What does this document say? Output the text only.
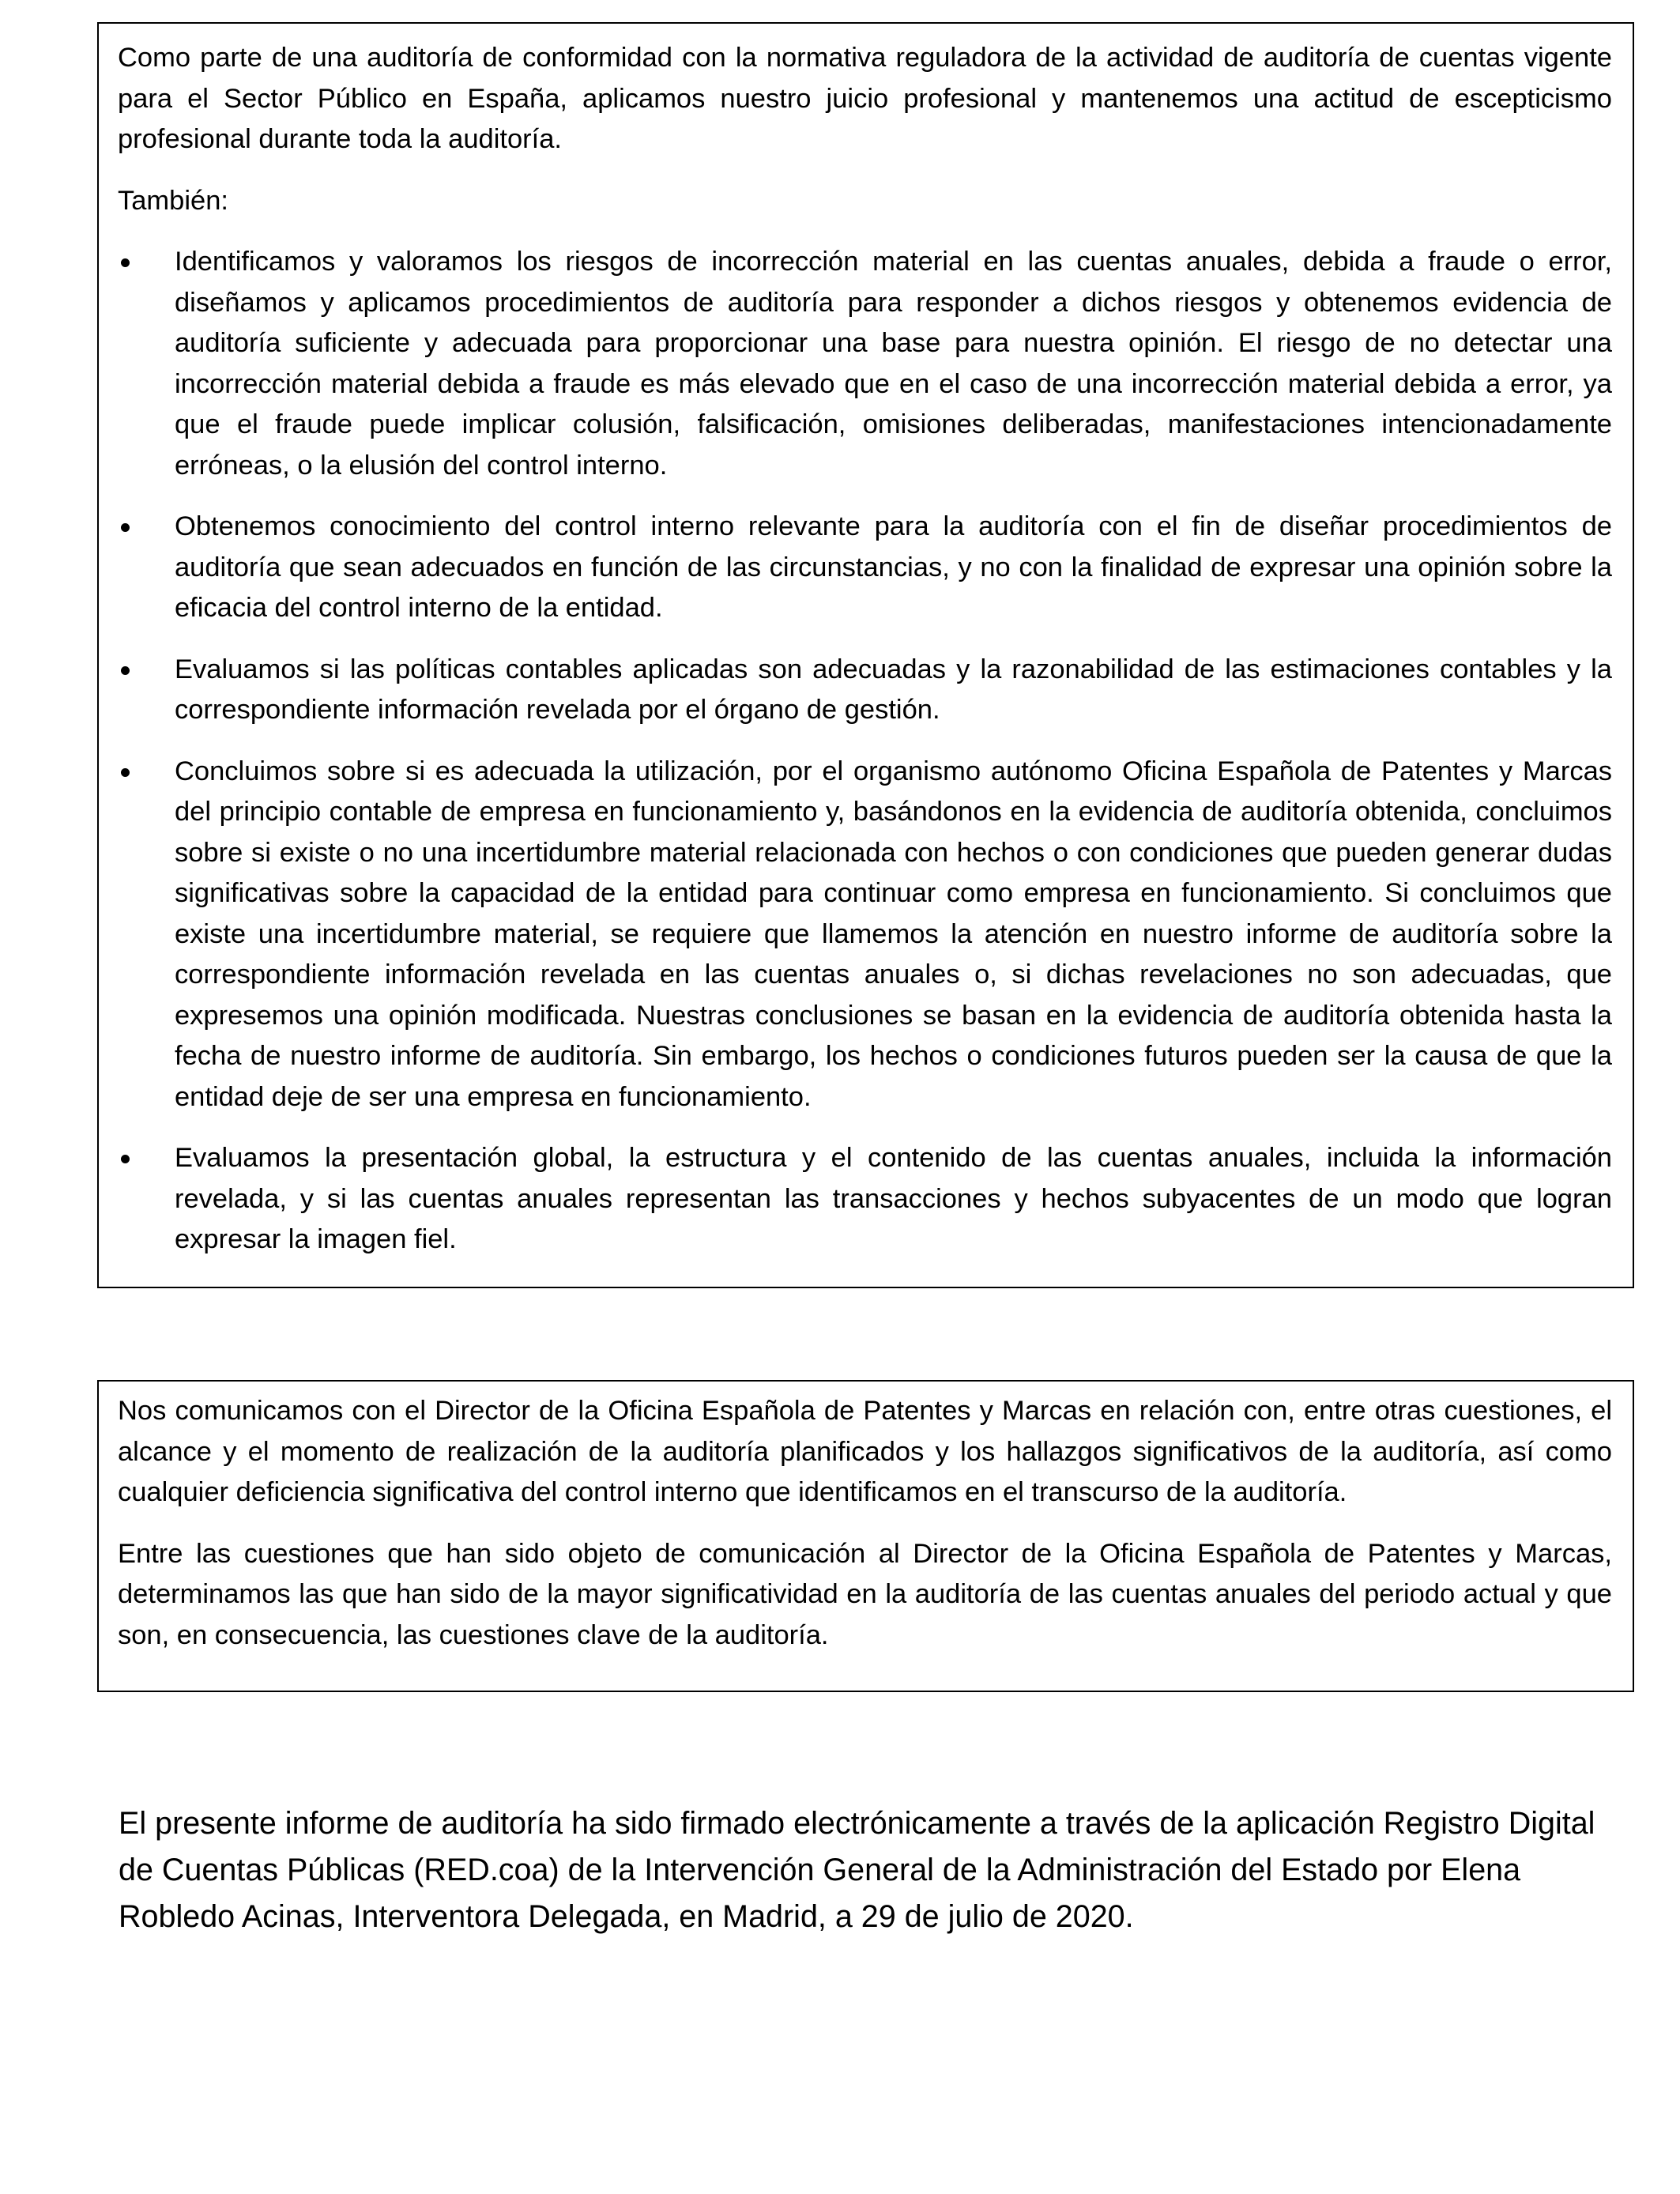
Como parte de una auditoría de conformidad con la normativa reguladora de la actividad de auditoría de cuentas vigente para el Sector Público en España, aplicamos nuestro juicio profesional y mantenemos una actitud de escepticismo profesional durante toda la auditoría.

También:

Identificamos y valoramos los riesgos de incorrección material en las cuentas anuales, debida a fraude o error, diseñamos y aplicamos procedimientos de auditoría para responder a dichos riesgos y obtenemos evidencia de auditoría suficiente y adecuada para proporcionar una base para nuestra opinión. El riesgo de no detectar una incorrección material debida a fraude es más elevado que en el caso de una incorrección material debida a error, ya que el fraude puede implicar colusión, falsificación, omisiones deliberadas, manifestaciones intencionadamente erróneas, o la elusión del control interno.
Obtenemos conocimiento del control interno relevante para la auditoría con el fin de diseñar procedimientos de auditoría que sean adecuados en función de las circunstancias, y no con la finalidad de expresar una opinión sobre la eficacia del control interno de la entidad.
Evaluamos si las políticas contables aplicadas son adecuadas y la razonabilidad de las estimaciones contables y la correspondiente información revelada por el órgano de gestión.
Concluimos sobre si es adecuada la utilización, por el organismo autónomo Oficina Española de Patentes y Marcas del principio contable de empresa en funcionamiento y, basándonos en la evidencia de auditoría obtenida, concluimos sobre si existe o no una incertidumbre material relacionada con hechos o con condiciones que pueden generar dudas significativas sobre la capacidad de la entidad para continuar como empresa en funcionamiento. Si concluimos que existe una incertidumbre material, se requiere que llamemos la atención en nuestro informe de auditoría sobre la correspondiente información revelada en las cuentas anuales o, si dichas revelaciones no son adecuadas, que expresemos una opinión modificada. Nuestras conclusiones se basan en la evidencia de auditoría obtenida hasta la fecha de nuestro informe de auditoría. Sin embargo, los hechos o condiciones futuros pueden ser la causa de que la entidad deje de ser una empresa en funcionamiento.
Evaluamos la presentación global, la estructura y el contenido de las cuentas anuales, incluida la información revelada, y si las cuentas anuales representan las transacciones y hechos subyacentes de un modo que logran expresar la imagen fiel.

Nos comunicamos con el Director de la Oficina Española de Patentes y Marcas en relación con, entre otras cuestiones, el alcance y el momento de realización de la auditoría planificados y los hallazgos significativos de la auditoría, así como cualquier deficiencia significativa del control interno que identificamos en el transcurso de la auditoría.

Entre las cuestiones que han sido objeto de comunicación al Director de la Oficina Española de Patentes y Marcas, determinamos las que han sido de la mayor significatividad en la auditoría de las cuentas anuales del periodo actual y que son, en consecuencia, las cuestiones clave de la auditoría.

El presente informe de auditoría ha sido firmado electrónicamente a través de la aplicación Registro Digital de Cuentas Públicas (RED.coa) de la Intervención General de la Administración del Estado por Elena Robledo Acinas, Interventora Delegada, en Madrid, a 29 de julio de 2020.
